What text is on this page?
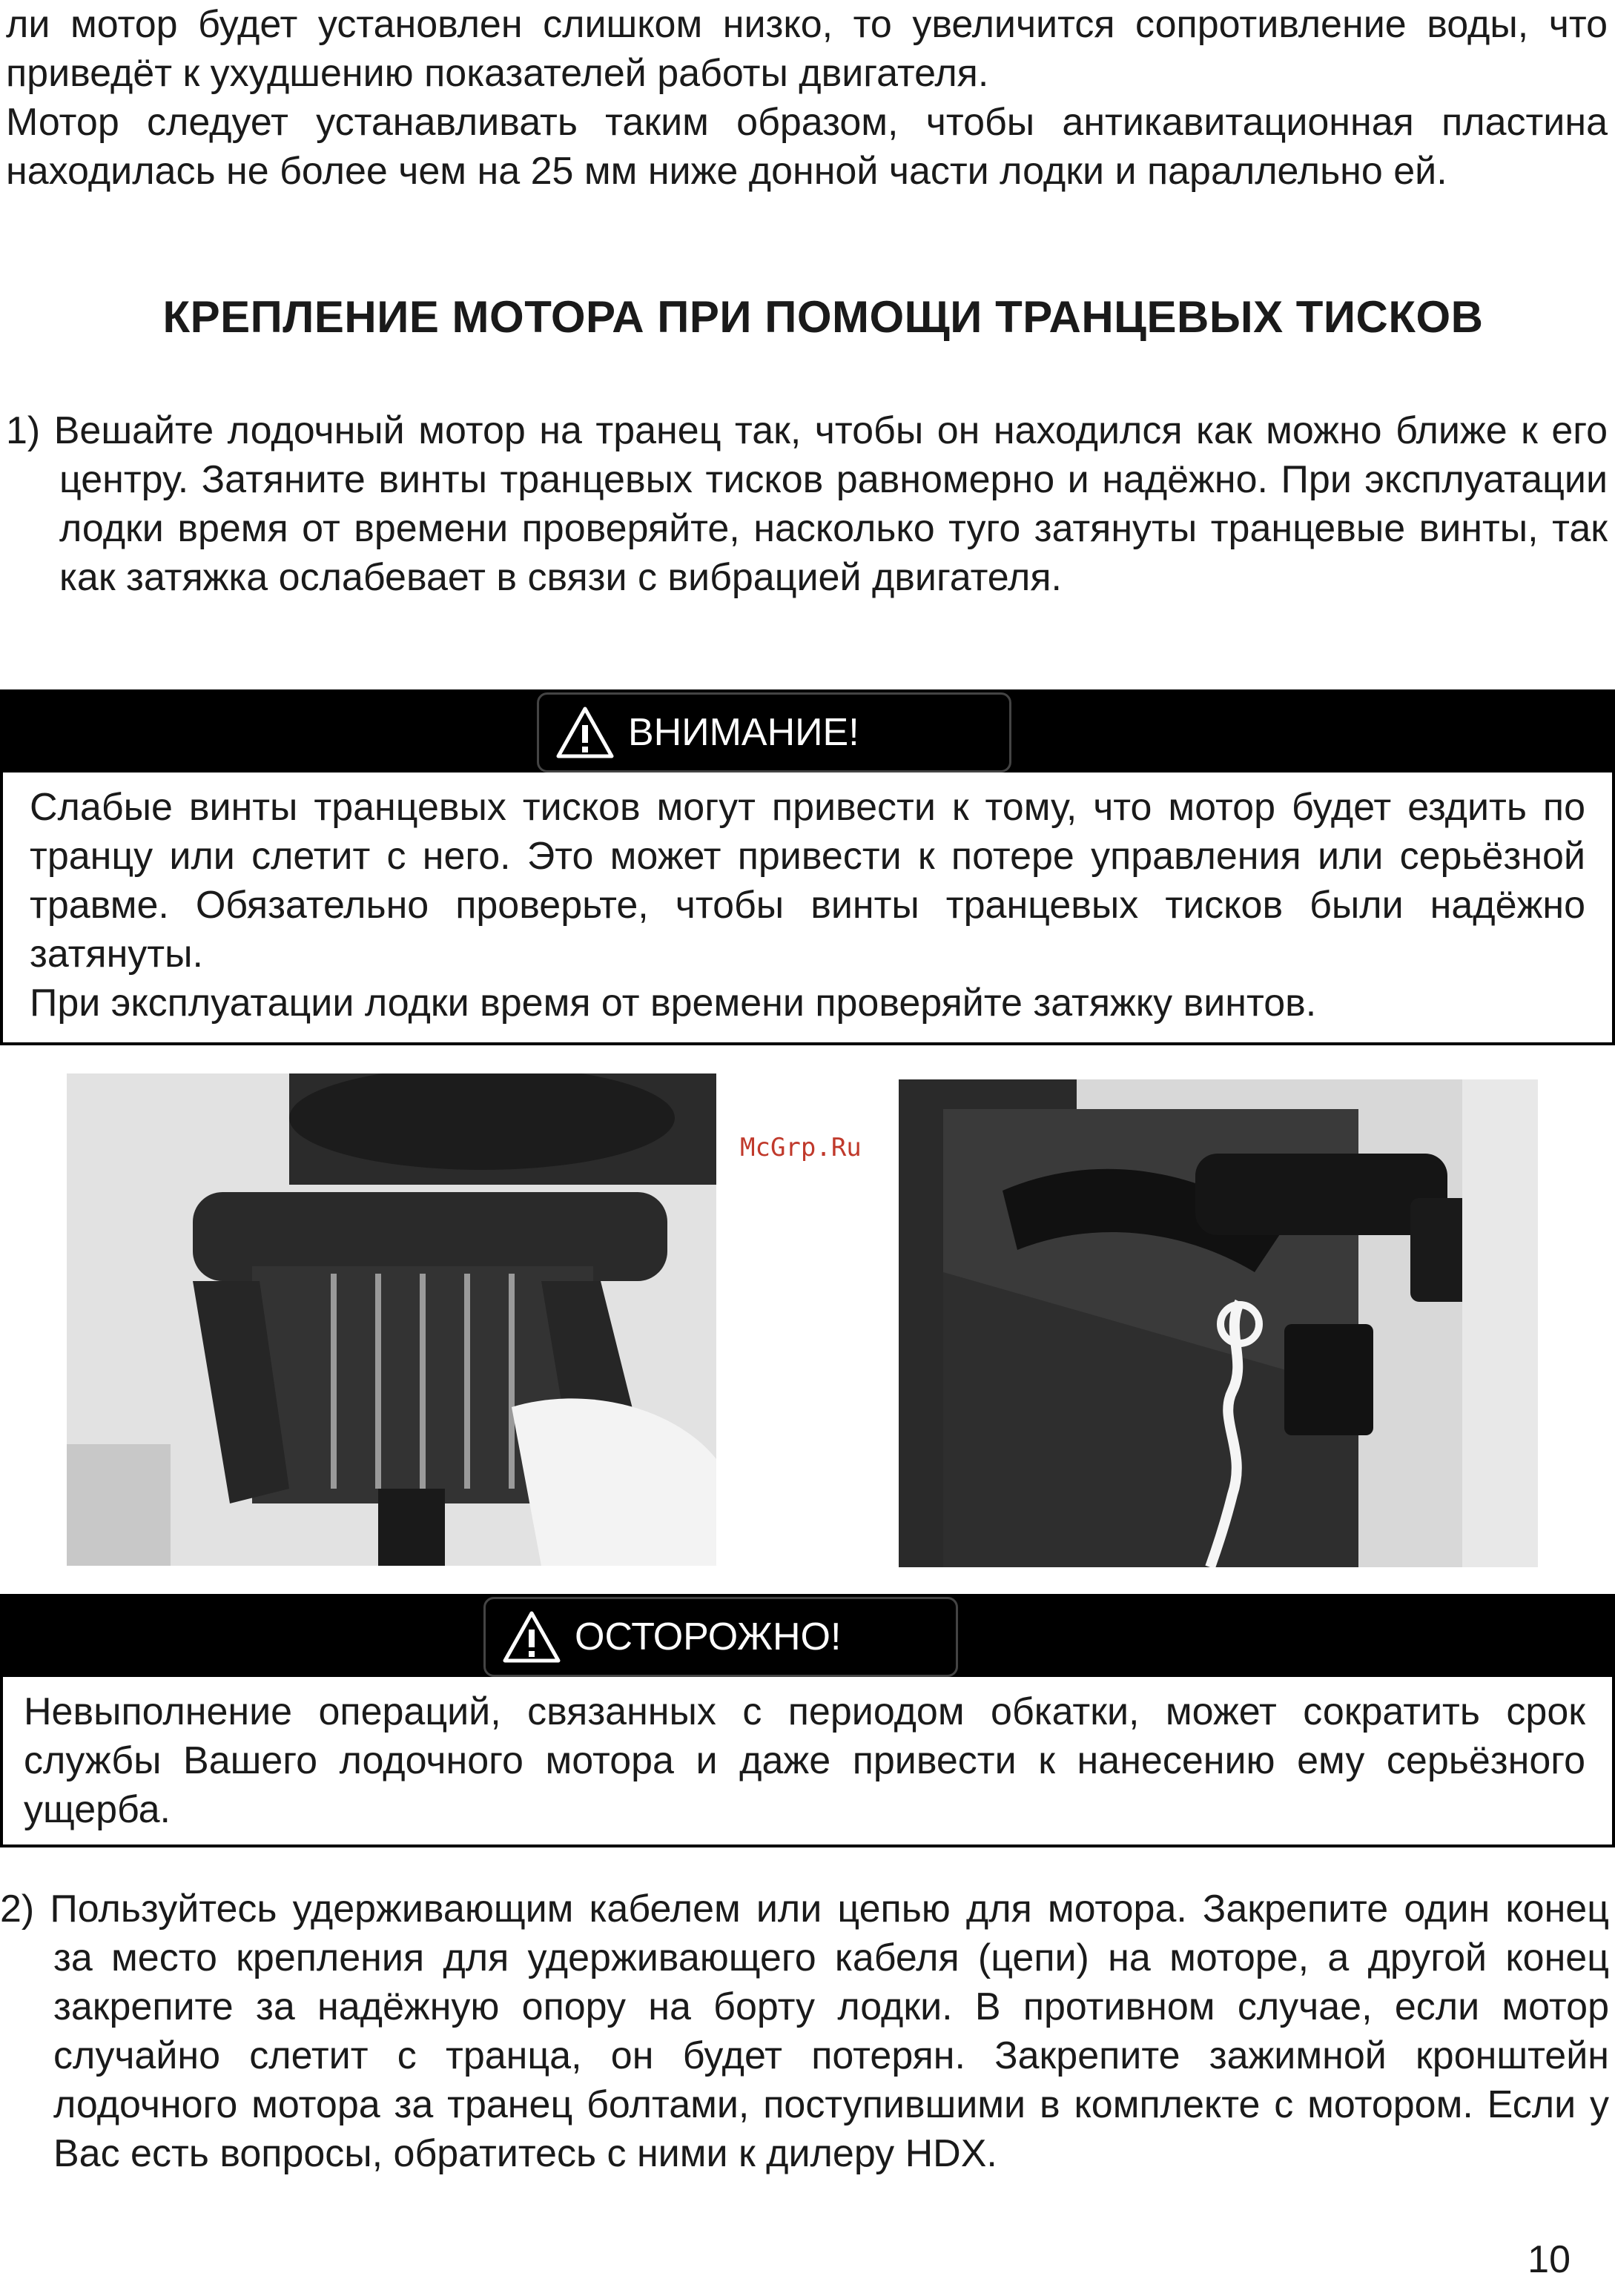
ли мотор будет установлен слишком низко, то увеличится сопротивление воды, что приведёт к ухудшению показателей работы двигателя.

Мотор следует устанавливать таким образом, чтобы антикавитационная пластина находилась не более чем на 25 мм ниже донной части лодки и параллельно ей.

КРЕПЛЕНИЕ МОТОРА ПРИ ПОМОЩИ ТРАНЦЕВЫХ ТИСКОВ

1) Вешайте лодочный мотор на транец так, чтобы он находился как можно ближе к его центру. Затяните винты транцевых тисков равномерно и надёжно. При эксплуатации лодки время от времени проверяйте, насколько туго затянуты транцевые винты, так как затяжка ослабевает в связи с вибрацией двигателя.

ВНИМАНИЕ!

Слабые винты транцевых тисков могут привести к тому, что мотор будет ездить по транцу или слетит с него. Это может привести к потере управления или серьёзной травме. Обязательно проверьте, чтобы винты транцевых тисков были надёжно затянуты.

При эксплуатации лодки время от времени проверяйте затяжку винтов.

McGrp.Ru
ОСТОРОЖНО!

Невыполнение операций, связанных с периодом обкатки, может сократить срок службы Вашего лодочного мотора и даже привести к нанесению ему серьёзного ущерба.

2) Пользуйтесь удерживающим кабелем или цепью для мотора. Закрепите один конец за место крепления для удерживающего кабеля (цепи) на моторе, а другой конец закрепите за надёжную опору на борту лодки. В противном случае, если мотор случайно слетит с транца, он будет потерян. Закрепите зажимной кронштейн лодочного мотора за транец болтами, поступившими в комплекте с мотором. Если у Вас есть вопросы, обратитесь с ними к дилеру HDX.

10
